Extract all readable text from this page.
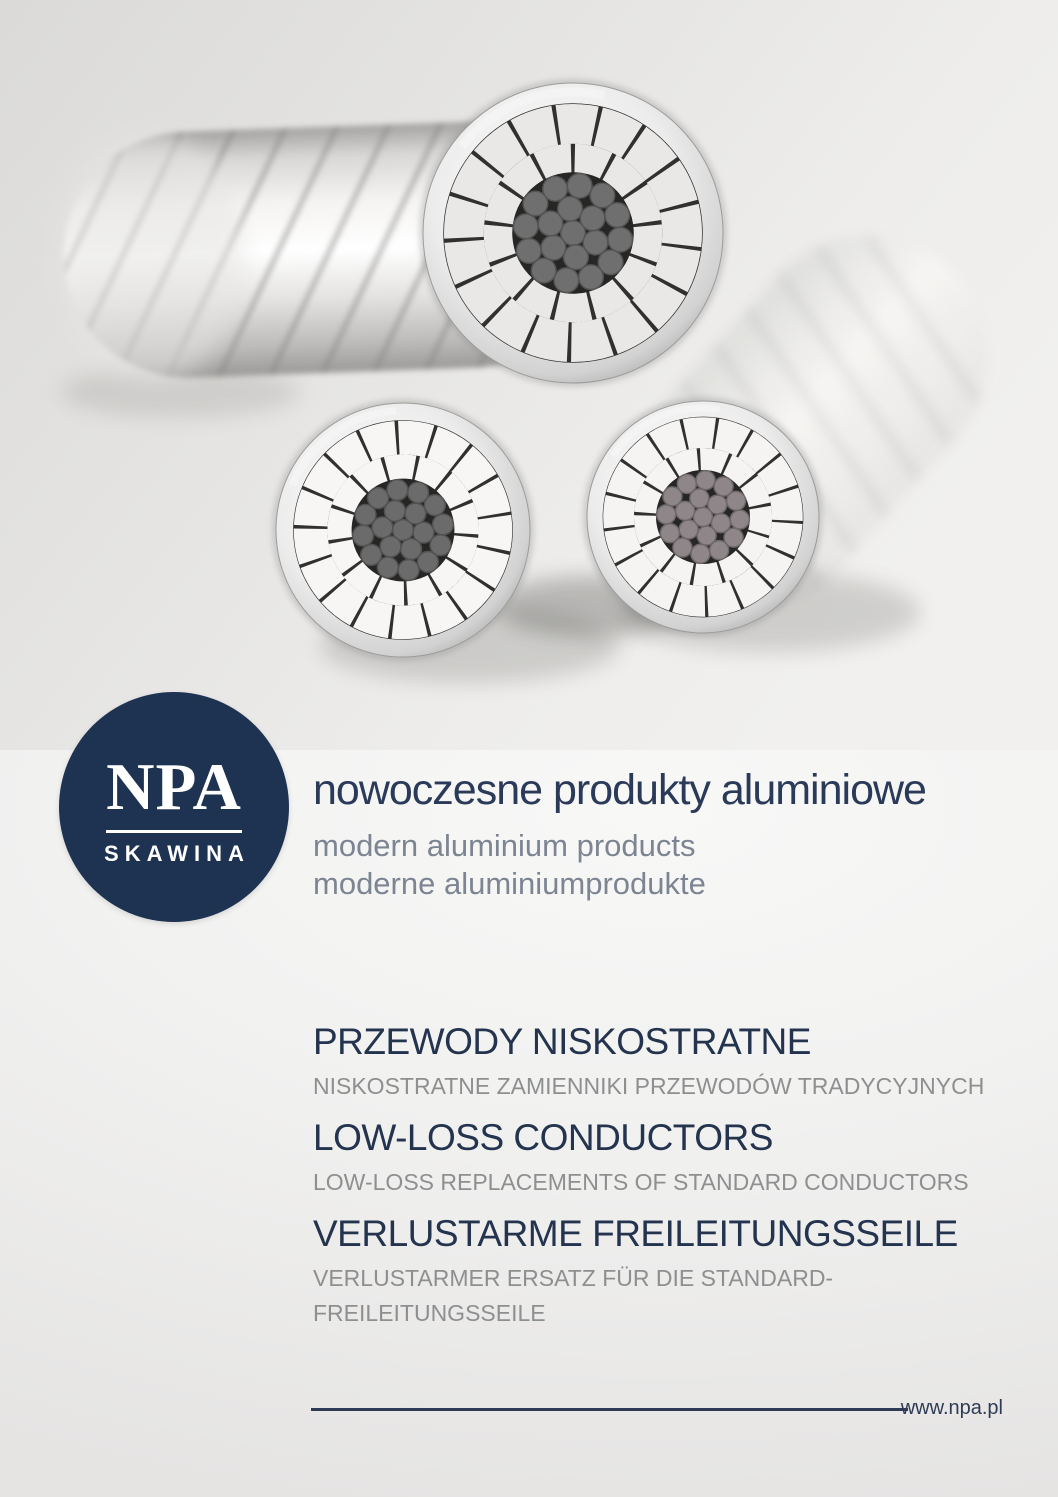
NPA
SKAWINA

nowoczesne produkty aluminiowe

modern aluminium products
moderne aluminiumprodukte

PRZEWODY NISKOSTRATNE

NISKOSTRATNE ZAMIENNIKI PRZEWODÓW TRADYCYJNYCH

LOW-LOSS CONDUCTORS

LOW-LOSS REPLACEMENTS OF STANDARD CONDUCTORS

VERLUSTARME FREILEITUNGSSEILE

VERLUSTARMER ERSATZ FÜR DIE STANDARD-
FREILEITUNGSSEILE

www.npa.pl
